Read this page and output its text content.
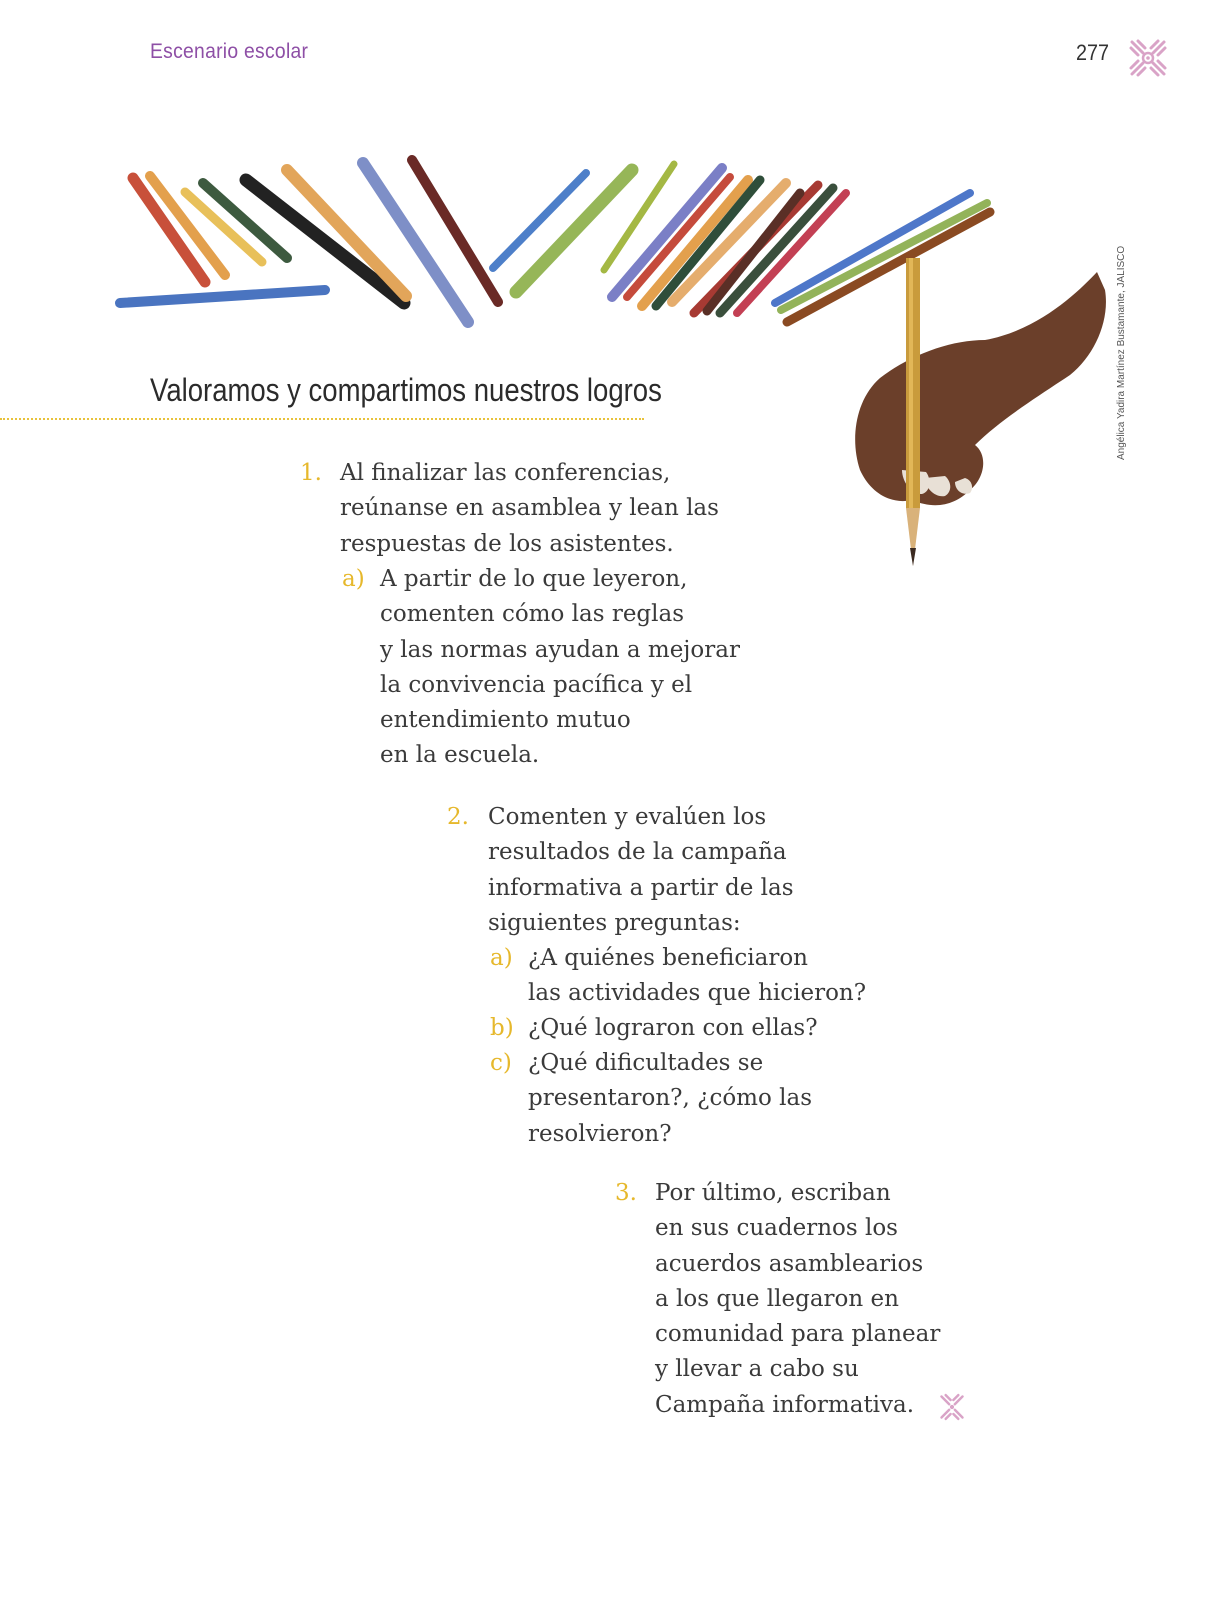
Escenario escolar	277
Angélica Yadira Martínez Bustamante, JALISCO
Valoramos y compartimos nuestros logros
1. Al finalizar las conferencias,
reúnanse en asamblea y lean las
respuestas de los asistentes.
a) A partir de lo que leyeron,
comenten cómo las reglas
y las normas ayudan a mejorar
la convivencia pacífica y el
entendimiento mutuo
en la escuela.
2. Comenten y evalúen los
resultados de la campaña
informativa a partir de las
siguientes preguntas:
a) ¿A quiénes beneficiaron
las actividades que hicieron?
b) ¿Qué lograron con ellas?
c) ¿Qué dificultades se
presentaron?, ¿cómo las
resolvieron?
3. Por último, escriban
en sus cuadernos los
acuerdos asamblearios
a los que llegaron en
comunidad para planear
y llevar a cabo su
Campaña informativa.
